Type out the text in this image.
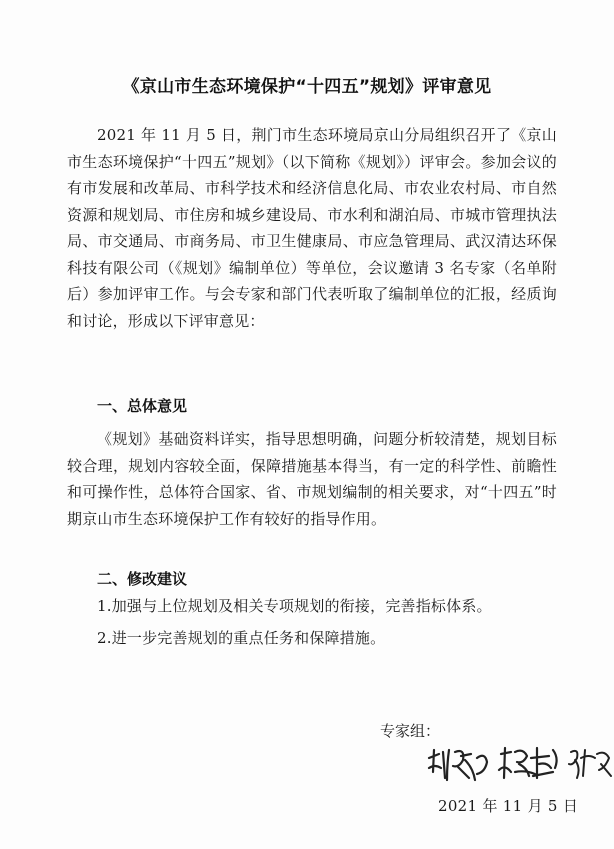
《京山市生态环境保护“十四五”规划》评审意见
2021 年 11 月 5 日，荆门市生态环境局京山分局组织召开了《京山市生态环境保护“十四五”规划》（以下简称《规划》）评审会。参加会议的有市发展和改革局、市科学技术和经济信息化局、市农业农村局、市自然资源和规划局、市住房和城乡建设局、市水利和湖泊局、市城市管理执法局、市交通局、市商务局、市卫生健康局、市应急管理局、武汉清达环保科技有限公司（《规划》编制单位）等单位，会议邀请 3 名专家（名单附后）参加评审工作。与会专家和部门代表听取了编制单位的汇报，经质询和讨论，形成以下评审意见：
一、总体意见
《规划》基础资料详实，指导思想明确，问题分析较清楚，规划目标较合理，规划内容较全面，保障措施基本得当，有一定的科学性、前瞻性和可操作性，总体符合国家、省、市规划编制的相关要求，对“十四五”时期京山市生态环境保护工作有较好的指导作用。
二、修改建议
1.加强与上位规划及相关专项规划的衔接，完善指标体系。
2.进一步完善规划的重点任务和保障措施。
专家组：
2021 年 11 月 5 日
